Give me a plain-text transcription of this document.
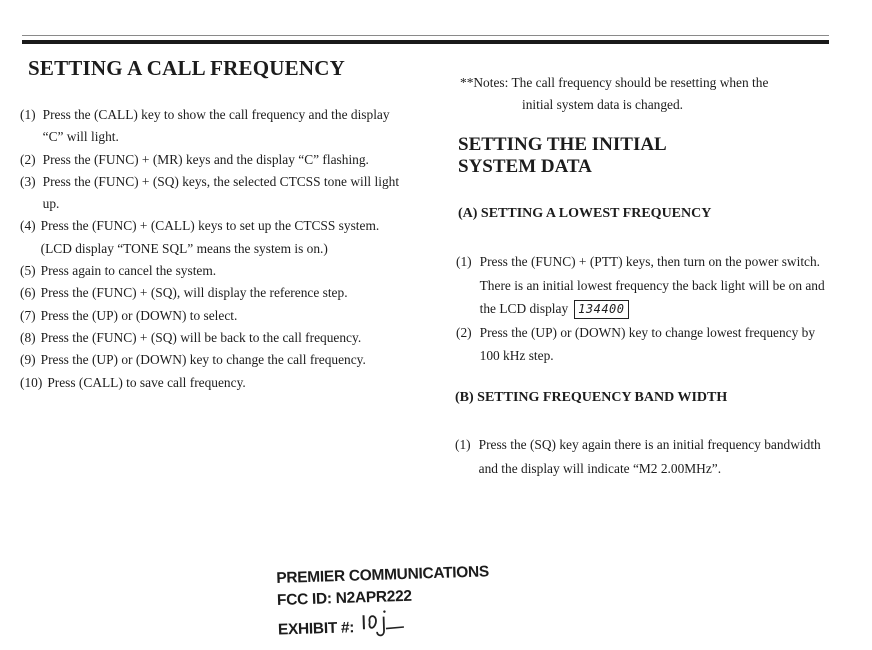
SETTING A CALL FREQUENCY
(1) Press the (CALL) key to show the call frequency and the display “C” will light.
(2) Press the (FUNC) + (MR) keys and the display “C” flashing.
(3) Press the (FUNC) + (SQ) keys, the selected CTCSS tone will light up.
(4) Press the (FUNC) + (CALL) keys to set up the CTCSS system. (LCD display “TONE SQL” means the system is on.)
(5) Press again to cancel the system.
(6) Press the (FUNC) + (SQ), will display the reference step.
(7) Press the (UP) or (DOWN) to select.
(8) Press the (FUNC) + (SQ) will be back to the call frequency.
(9) Press the (UP) or (DOWN) key to change the call frequency.
(10) Press (CALL) to save call frequency.

**Notes: The call frequency should be resetting when the
initial system data is changed.

SETTING THE INITIAL
SYSTEM DATA
(A) SETTING A LOWEST FREQUENCY
(1) Press the (FUNC) + (PTT) keys, then turn on the power switch. There is an initial lowest frequency the back light will be on and the LCD display 134400
(2) Press the (UP) or (DOWN) key to change lowest frequency by 100 kHz step.
(B) SETTING FREQUENCY BAND WIDTH
(1) Press the (SQ) key again there is an initial frequency bandwidth and the display will indicate “M2 2.00MHz”.
PREMIER COMMUNICATIONS
FCC ID: N2APR222
EXHIBIT #:
